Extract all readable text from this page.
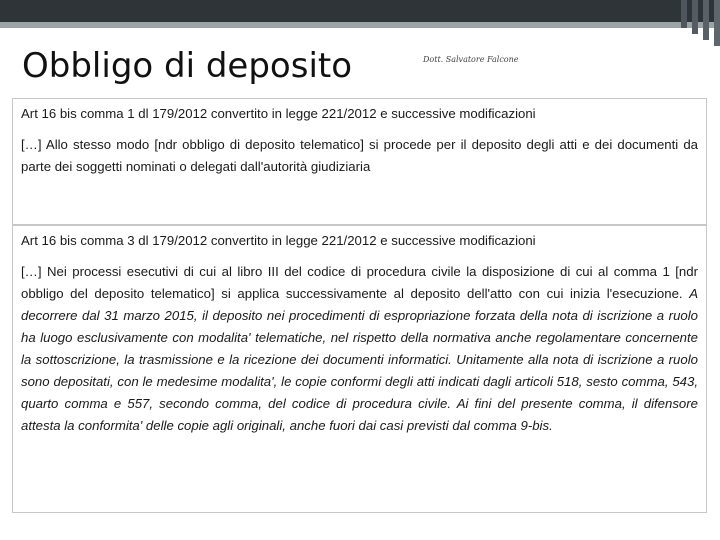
Obbligo di deposito	Dott. Salvatore Falcone
Art 16 bis comma 1 dl 179/2012 convertito in legge 221/2012 e successive modificazioni
[…] Allo stesso modo [ndr obbligo di deposito telematico] si procede per il deposito degli atti e dei documenti da parte dei soggetti nominati o delegati dall'autorità giudiziaria
Art 16 bis comma 3 dl 179/2012 convertito in legge 221/2012 e successive modificazioni
[…] Nei processi esecutivi di cui al libro III del codice di procedura civile la disposizione di cui al comma 1 [ndr obbligo del deposito telematico] si applica successivamente al deposito dell'atto con cui inizia l'esecuzione. A decorrere dal 31 marzo 2015, il deposito nei procedimenti di espropriazione forzata della nota di iscrizione a ruolo ha luogo esclusivamente con modalita' telematiche, nel rispetto della normativa anche regolamentare concernente la sottoscrizione, la trasmissione e la ricezione dei documenti informatici. Unitamente alla nota di iscrizione a ruolo sono depositati, con le medesime modalita', le copie conformi degli atti indicati dagli articoli 518, sesto comma, 543, quarto comma e 557, secondo comma, del codice di procedura civile. Ai fini del presente comma, il difensore attesta la conformita' delle copie agli originali, anche fuori dai casi previsti dal comma 9-bis.
